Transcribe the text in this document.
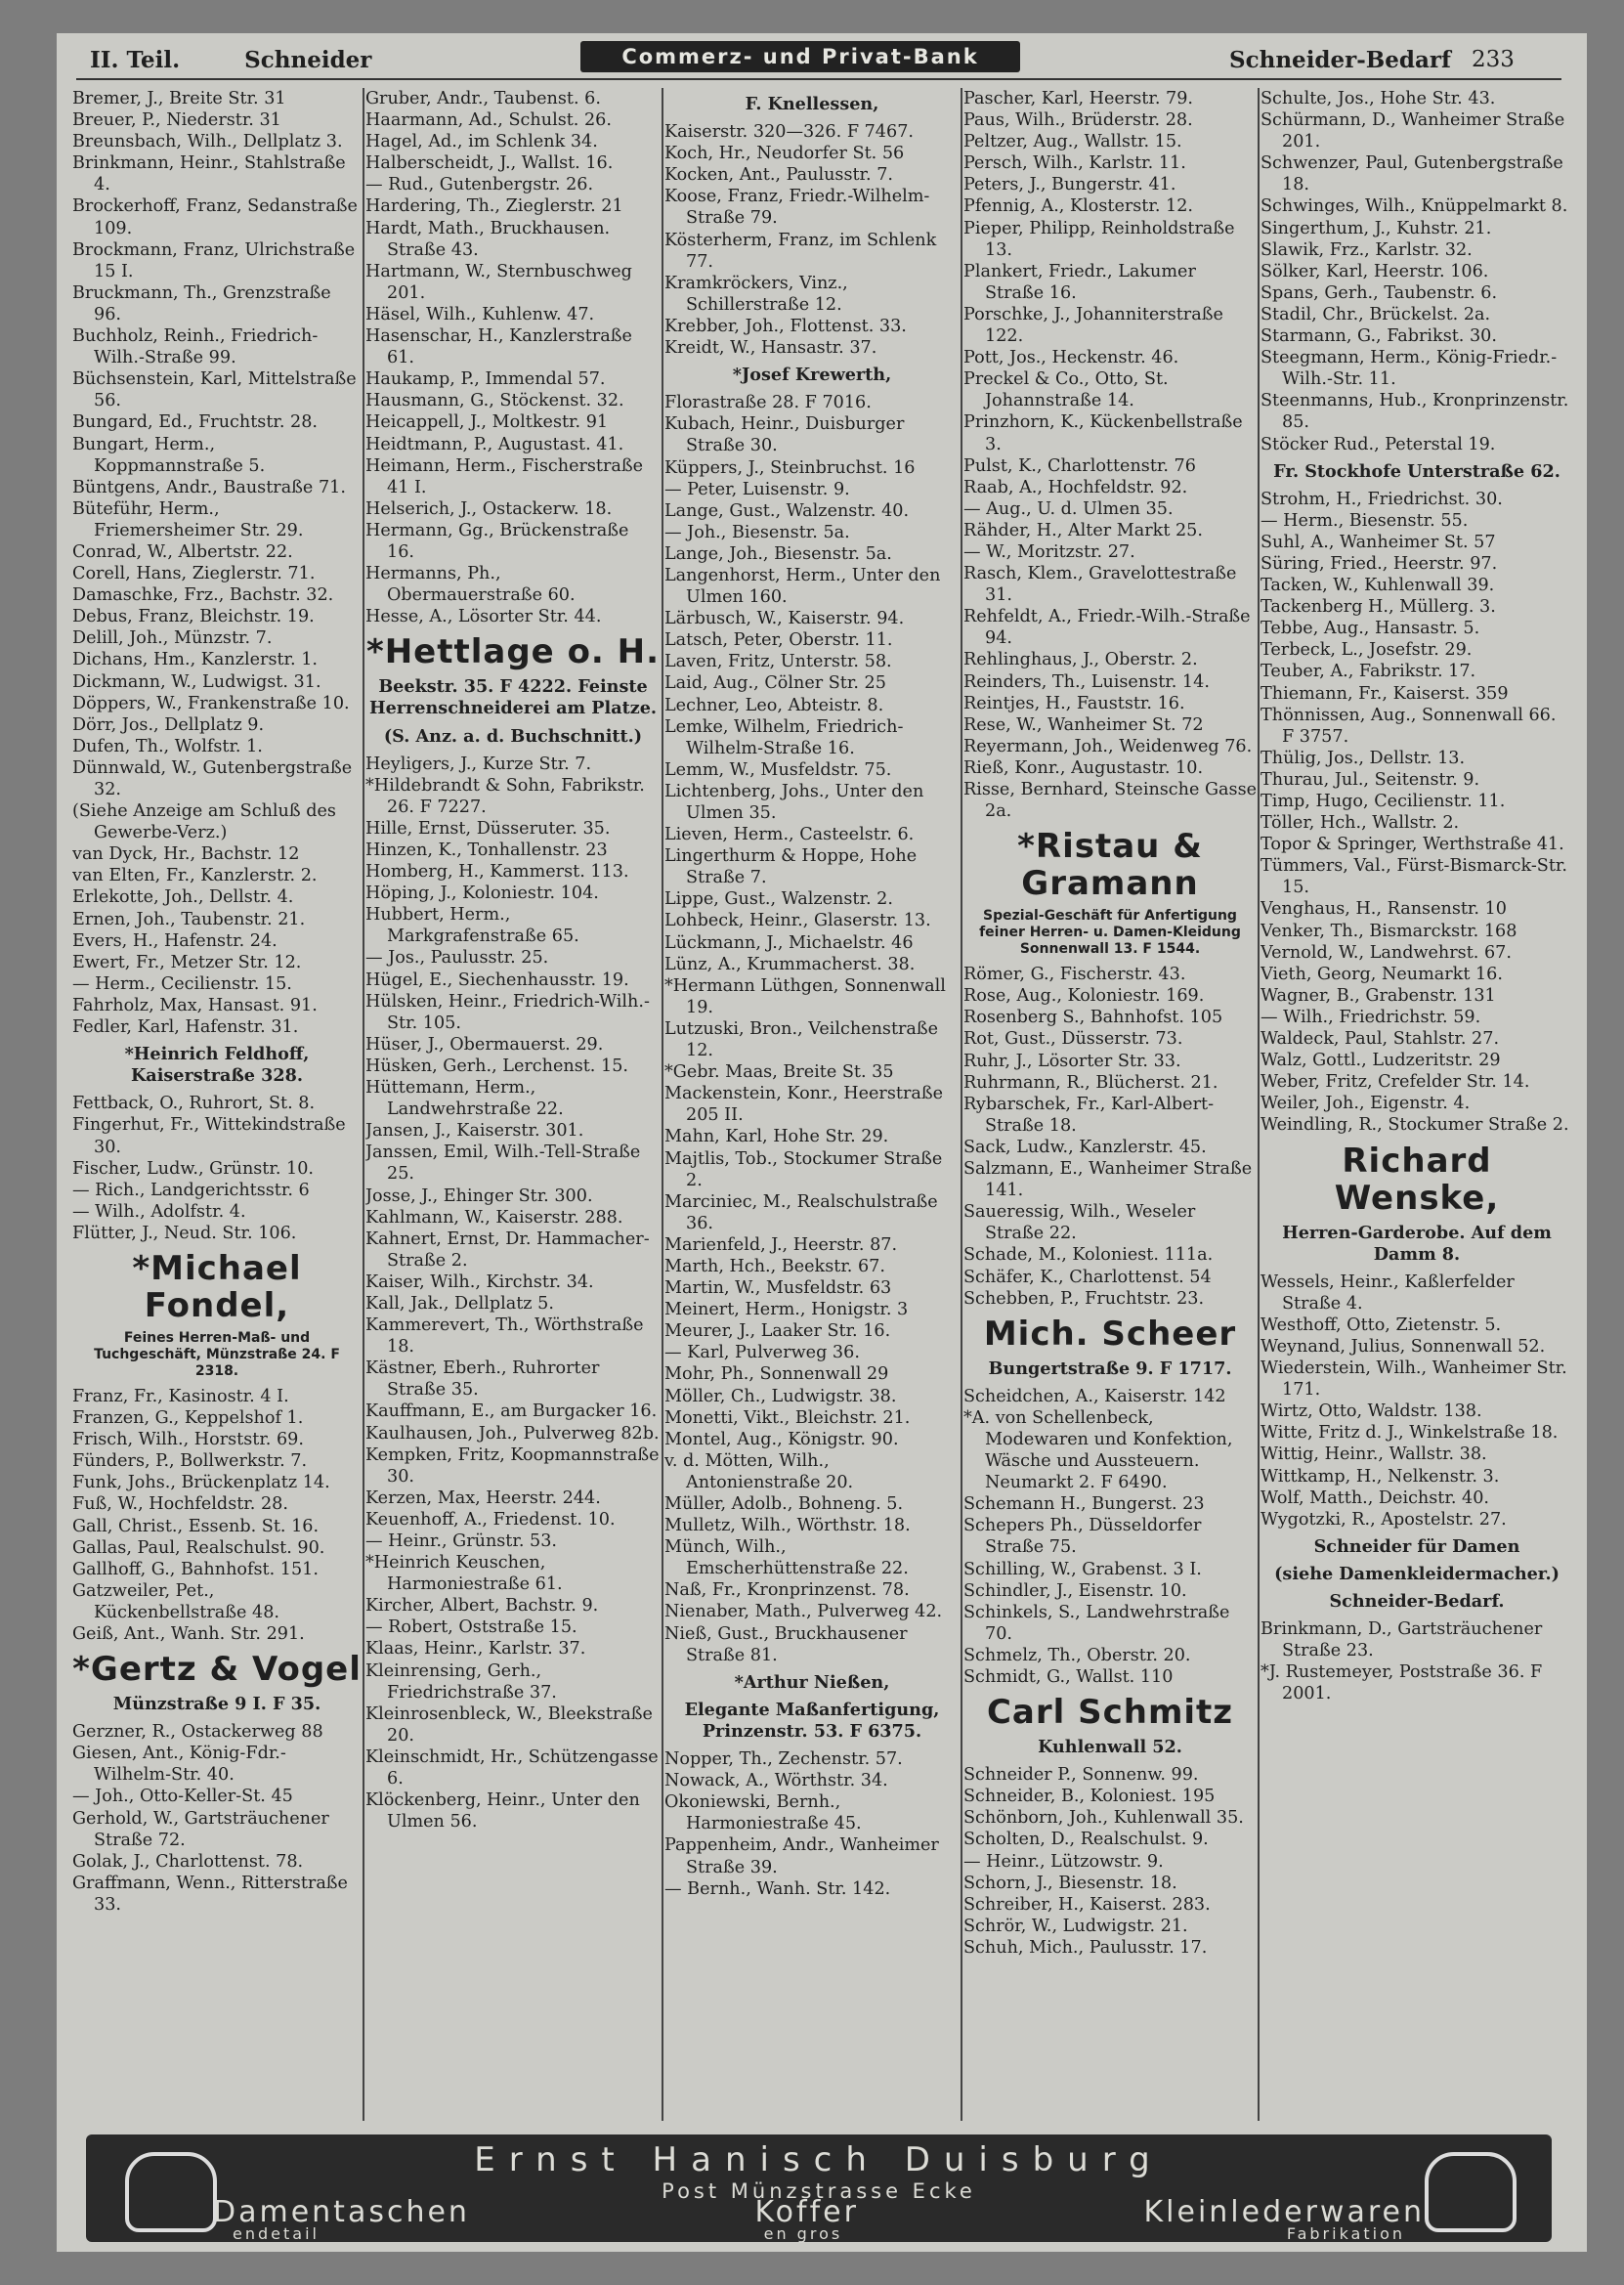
II. Teil.	Schneider	Commerz- und Privat-Bank	Schneider-Bedarf 233
Bremer, J., Breite Str. 31
Breuer, P., Niederstr. 31
Breunsbach, Wilh., Dellplatz 3.
Brinkmann, Heinr., Stahlstraße 4.
Brockerhoff, Franz, Sedanstraße 109.
Brockmann, Franz, Ulrichstraße 15 I.
Bruckmann, Th., Grenzstraße 96.
Buchholz, Reinh., Friedrich-Wilh.-Straße 99.
Büchsenstein, Karl, Mittelstraße 56.
Bungard, Ed., Fruchtstr. 28.
Bungart, Herm., Koppmannstraße 5.
Büntgens, Andr., Baustraße 71.
Büteführ, Herm., Friemersheimer Str. 29.
Conrad, W., Albertstr. 22.
Corell, Hans, Zieglerstr. 71.
Damaschke, Frz., Bachstr. 32.
Debus, Franz, Bleichstr. 19.
Delill, Joh., Münzstr. 7.
Dichans, Hm., Kanzlerstr. 1.
Dickmann, W., Ludwigst. 31.
Döppers, W., Frankenstraße 10.
Dörr, Jos., Dellplatz 9.
Dufen, Th., Wolfstr. 1.
Dünnwald, W., Gutenbergstraße 32.
(Siehe Anzeige am Schluß des Gewerbe-Verz.)
van Dyck, Hr., Bachstr. 12
van Elten, Fr., Kanzlerstr. 2.
Erlekotte, Joh., Dellstr. 4.
Ernen, Joh., Taubenstr. 21.
Evers, H., Hafenstr. 24.
Ewert, Fr., Metzer Str. 12.
— Herm., Cecilienstr. 15.
Fahrholz, Max, Hansast. 91.
Fedler, Karl, Hafenstr. 31.
*Heinrich Feldhoff, Kaiserstraße 328.
Fettback, O., Ruhrort, St. 8.
Fingerhut, Fr., Wittekindstraße 30.
Fischer, Ludw., Grünstr. 10.
— Rich., Landgerichtsstr. 6
— Wilh., Adolfstr. 4.
Flütter, J., Neud. Str. 106.
*Michael Fondel,
Feines Herren-Maß- und Tuchgeschäft, Münzstraße 24. F 2318.
Franz, Fr., Kasinostr. 4 I.
Franzen, G., Keppelshof 1.
Frisch, Wilh., Horststr. 69.
Fünders, P., Bollwerkstr. 7.
Funk, Johs., Brückenplatz 14.
Fuß, W., Hochfeldstr. 28.
Gall, Christ., Essenb. St. 16.
Gallas, Paul, Realschulst. 90.
Gallhoff, G., Bahnhofst. 151.
Gatzweiler, Pet., Kückenbellstraße 48.
Geiß, Ant., Wanh. Str. 291.
*Gertz & Vogel
Münzstraße 9 I. F 35.
Gerzner, R., Ostackerweg 88
Giesen, Ant., König-Fdr.-Wilhelm-Str. 40.
— Joh., Otto-Keller-St. 45
Gerhold, W., Gartsträuchener Straße 72.
Golak, J., Charlottenst. 78.
Graffmann, Wenn., Ritterstraße 33.
Gruber, Andr., Taubenst. 6.
Haarmann, Ad., Schulst. 26.
Hagel, Ad., im Schlenk 34.
Halberscheidt, J., Wallst. 16.
— Rud., Gutenbergstr. 26.
Hardering, Th., Zieglerstr. 21
Hardt, Math., Bruckhausen. Straße 43.
Hartmann, W., Sternbuschweg 201.
Häsel, Wilh., Kuhlenw. 47.
Hasenschar, H., Kanzlerstraße 61.
Haukamp, P., Immendal 57.
Hausmann, G., Stöckenst. 32.
Heicappell, J., Moltkestr. 91
Heidtmann, P., Augustast. 41.
Heimann, Herm., Fischerstraße 41 I.
Helserich, J., Ostackerw. 18.
Hermann, Gg., Brückenstraße 16.
Hermanns, Ph., Obermauerstraße 60.
Hesse, A., Lösorter Str. 44.
*Hettlage o. H.
Beekstr. 35. F 4222. Feinste Herrenschneiderei am Platze.
(S. Anz. a. d. Buchschnitt.)
Heyligers, J., Kurze Str. 7.
*Hildebrandt & Sohn, Fabrikstr. 26. F 7227.
Hille, Ernst, Düsseruter. 35.
Hinzen, K., Tonhallenstr. 23
Homberg, H., Kammerst. 113.
Höping, J., Koloniestr. 104.
Hubbert, Herm., Markgrafenstraße 65.
— Jos., Paulusstr. 25.
Hügel, E., Siechenhausstr. 19.
Hülsken, Heinr., Friedrich-Wilh.-Str. 105.
Hüser, J., Obermauerst. 29.
Hüsken, Gerh., Lerchenst. 15.
Hüttemann, Herm., Landwehrstraße 22.
Jansen, J., Kaiserstr. 301.
Janssen, Emil, Wilh.-Tell-Straße 25.
Josse, J., Ehinger Str. 300.
Kahlmann, W., Kaiserstr. 288.
Kahnert, Ernst, Dr. Hammacher-Straße 2.
Kaiser, Wilh., Kirchstr. 34.
Kall, Jak., Dellplatz 5.
Kammerevert, Th., Wörthstraße 18.
Kästner, Eberh., Ruhrorter Straße 35.
Kauffmann, E., am Burgacker 16.
Kaulhausen, Joh., Pulverweg 82b.
Kempken, Fritz, Koopmannstraße 30.
Kerzen, Max, Heerstr. 244.
Keuenhoff, A., Friedenst. 10.
— Heinr., Grünstr. 53.
*Heinrich Keuschen, Harmoniestraße 61.
Kircher, Albert, Bachstr. 9.
— Robert, Oststraße 15.
Klaas, Heinr., Karlstr. 37.
Kleinrensing, Gerh., Friedrichstraße 37.
Kleinrosenbleck, W., Bleekstraße 20.
Kleinschmidt, Hr., Schützengasse 6.
Klöckenberg, Heinr., Unter den Ulmen 56.
F. Knellessen,
Kaiserstr. 320—326. F 7467.
Koch, Hr., Neudorfer St. 56
Kocken, Ant., Paulusstr. 7.
Koose, Franz, Friedr.-Wilhelm-Straße 79.
Kösterherm, Franz, im Schlenk 77.
Kramkröckers, Vinz., Schillerstraße 12.
Krebber, Joh., Flottenst. 33.
Kreidt, W., Hansastr. 37.
*Josef Krewerth,
Florastraße 28. F 7016.
Kubach, Heinr., Duisburger Straße 30.
Küppers, J., Steinbruchst. 16
— Peter, Luisenstr. 9.
Lange, Gust., Walzenstr. 40.
— Joh., Biesenstr. 5a.
Lange, Joh., Biesenstr. 5a.
Langenhorst, Herm., Unter den Ulmen 160.
Lärbusch, W., Kaiserstr. 94.
Latsch, Peter, Oberstr. 11.
Laven, Fritz, Unterstr. 58.
Laid, Aug., Cölner Str. 25
Lechner, Leo, Abteistr. 8.
Lemke, Wilhelm, Friedrich-Wilhelm-Straße 16.
Lemm, W., Musfeldstr. 75.
Lichtenberg, Johs., Unter den Ulmen 35.
Lieven, Herm., Casteelstr. 6.
Lingerthurm & Hoppe, Hohe Straße 7.
Lippe, Gust., Walzenstr. 2.
Lohbeck, Heinr., Glaserstr. 13.
Lückmann, J., Michaelstr. 46
Lünz, A., Krummacherst. 38.
*Hermann Lüthgen, Sonnenwall 19.
Lutzuski, Bron., Veilchenstraße 12.
*Gebr. Maas, Breite St. 35
Mackenstein, Konr., Heerstraße 205 II.
Mahn, Karl, Hohe Str. 29.
Majtlis, Tob., Stockumer Straße 2.
Marciniec, M., Realschulstraße 36.
Marienfeld, J., Heerstr. 87.
Marth, Hch., Beekstr. 67.
Martin, W., Musfeldstr. 63
Meinert, Herm., Honigstr. 3
Meurer, J., Laaker Str. 16.
— Karl, Pulverweg 36.
Mohr, Ph., Sonnenwall 29
Möller, Ch., Ludwigstr. 38.
Monetti, Vikt., Bleichstr. 21.
Montel, Aug., Königstr. 90.
v. d. Mötten, Wilh., Antonienstraße 20.
Müller, Adolb., Bohneng. 5.
Mulletz, Wilh., Wörthstr. 18.
Münch, Wilh., Emscherhüttenstraße 22.
Naß, Fr., Kronprinzenst. 78.
Nienaber, Math., Pulverweg 42.
Nieß, Gust., Bruckhausener Straße 81.
*Arthur Nießen,
Elegante Maßanfertigung, Prinzenstr. 53. F 6375.
Nopper, Th., Zechenstr. 57.
Nowack, A., Wörthstr. 34.
Okoniewski, Bernh., Harmoniestraße 45.
Pappenheim, Andr., Wanheimer Straße 39.
— Bernh., Wanh. Str. 142.
Pascher, Karl, Heerstr. 79.
Paus, Wilh., Brüderstr. 28.
Peltzer, Aug., Wallstr. 15.
Persch, Wilh., Karlstr. 11.
Peters, J., Bungerstr. 41.
Pfennig, A., Klosterstr. 12.
Pieper, Philipp, Reinholdstraße 13.
Plankert, Friedr., Lakumer Straße 16.
Porschke, J., Johanniterstraße 122.
Pott, Jos., Heckenstr. 46.
Preckel & Co., Otto, St. Johannstraße 14.
Prinzhorn, K., Kückenbellstraße 3.
Pulst, K., Charlottenstr. 76
Raab, A., Hochfeldstr. 92.
— Aug., U. d. Ulmen 35.
Rähder, H., Alter Markt 25.
— W., Moritzstr. 27.
Rasch, Klem., Gravelottestraße 31.
Rehfeldt, A., Friedr.-Wilh.-Straße 94.
Rehlinghaus, J., Oberstr. 2.
Reinders, Th., Luisenstr. 14.
Reintjes, H., Fauststr. 16.
Rese, W., Wanheimer St. 72
Reyermann, Joh., Weidenweg 76.
Rieß, Konr., Augustastr. 10.
Risse, Bernhard, Steinsche Gasse 2a.
*Ristau & Gramann
Spezial-Geschäft für Anfertigung feiner Herren- u. Damen-Kleidung Sonnenwall 13. F 1544.
Römer, G., Fischerstr. 43.
Rose, Aug., Koloniestr. 169.
Rosenberg S., Bahnhofst. 105
Rot, Gust., Düsserstr. 73.
Ruhr, J., Lösorter Str. 33.
Ruhrmann, R., Blücherst. 21.
Rybarschek, Fr., Karl-Albert-Straße 18.
Sack, Ludw., Kanzlerstr. 45.
Salzmann, E., Wanheimer Straße 141.
Saueressig, Wilh., Weseler Straße 22.
Schade, M., Koloniest. 111a.
Schäfer, K., Charlottenst. 54
Schebben, P., Fruchtstr. 23.
Mich. Scheer
Bungertstraße 9. F 1717.
Scheidchen, A., Kaiserstr. 142
*A. von Schellenbeck, Modewaren und Konfektion, Wäsche und Aussteuern. Neumarkt 2. F 6490.
Schemann H., Bungerst. 23
Schepers Ph., Düsseldorfer Straße 75.
Schilling, W., Grabenst. 3 I.
Schindler, J., Eisenstr. 10.
Schinkels, S., Landwehrstraße 70.
Schmelz, Th., Oberstr. 20.
Schmidt, G., Wallst. 110
Carl Schmitz
Kuhlenwall 52.
Schneider P., Sonnenw. 99.
Schneider, B., Koloniest. 195
Schönborn, Joh., Kuhlenwall 35.
Scholten, D., Realschulst. 9.
— Heinr., Lützowstr. 9.
Schorn, J., Biesenstr. 18.
Schreiber, H., Kaiserst. 283.
Schrör, W., Ludwigstr. 21.
Schuh, Mich., Paulusstr. 17.
Schulte, Jos., Hohe Str. 43.
Schürmann, D., Wanheimer Straße 201.
Schwenzer, Paul, Gutenbergstraße 18.
Schwinges, Wilh., Knüppelmarkt 8.
Singerthum, J., Kuhstr. 21.
Slawik, Frz., Karlstr. 32.
Sölker, Karl, Heerstr. 106.
Spans, Gerh., Taubenstr. 6.
Stadil, Chr., Brückelst. 2a.
Starmann, G., Fabrikst. 30.
Steegmann, Herm., König-Friedr.-Wilh.-Str. 11.
Steenmanns, Hub., Kronprinzenstr. 85.
Stöcker Rud., Peterstal 19.
Fr. Stockhofe Unterstraße 62.
Strohm, H., Friedrichst. 30.
— Herm., Biesenstr. 55.
Suhl, A., Wanheimer St. 57
Süring, Fried., Heerstr. 97.
Tacken, W., Kuhlenwall 39.
Tackenberg H., Müllerg. 3.
Tebbe, Aug., Hansastr. 5.
Terbeck, L., Josefstr. 29.
Teuber, A., Fabrikstr. 17.
Thiemann, Fr., Kaiserst. 359
Thönnissen, Aug., Sonnenwall 66. F 3757.
Thülig, Jos., Dellstr. 13.
Thurau, Jul., Seitenstr. 9.
Timp, Hugo, Cecilienstr. 11.
Töller, Hch., Wallstr. 2.
Topor & Springer, Werthstraße 41.
Tümmers, Val., Fürst-Bismarck-Str. 15.
Venghaus, H., Ransenstr. 10
Venker, Th., Bismarckstr. 168
Vernold, W., Landwehrst. 67.
Vieth, Georg, Neumarkt 16.
Wagner, B., Grabenstr. 131
— Wilh., Friedrichstr. 59.
Waldeck, Paul, Stahlstr. 27.
Walz, Gottl., Ludzeritstr. 29
Weber, Fritz, Crefelder Str. 14.
Weiler, Joh., Eigenstr. 4.
Weindling, R., Stockumer Straße 2.
Richard Wenske,
Herren-Garderobe. Auf dem Damm 8.
Wessels, Heinr., Kaßlerfelder Straße 4.
Westhoff, Otto, Zietenstr. 5.
Weynand, Julius, Sonnenwall 52.
Wiederstein, Wilh., Wanheimer Str. 171.
Wirtz, Otto, Waldstr. 138.
Witte, Fritz d. J., Winkelstraße 18.
Wittig, Heinr., Wallstr. 38.
Wittkamp, H., Nelkenstr. 3.
Wolf, Matth., Deichstr. 40.
Wygotzki, R., Apostelstr. 27.
Schneider für Damen
(siehe Damenkleidermacher.)
Schneider-Bedarf.
Brinkmann, D., Gartsträuchener Straße 23.
*J. Rustemeyer, Poststraße 36. F 2001.
Ernst Hanisch Duisburg
Post Münzstrasse Ecke
Damentaschen	Koffer	Kleinlederwaren
endetail	en gros	Fabrikation
